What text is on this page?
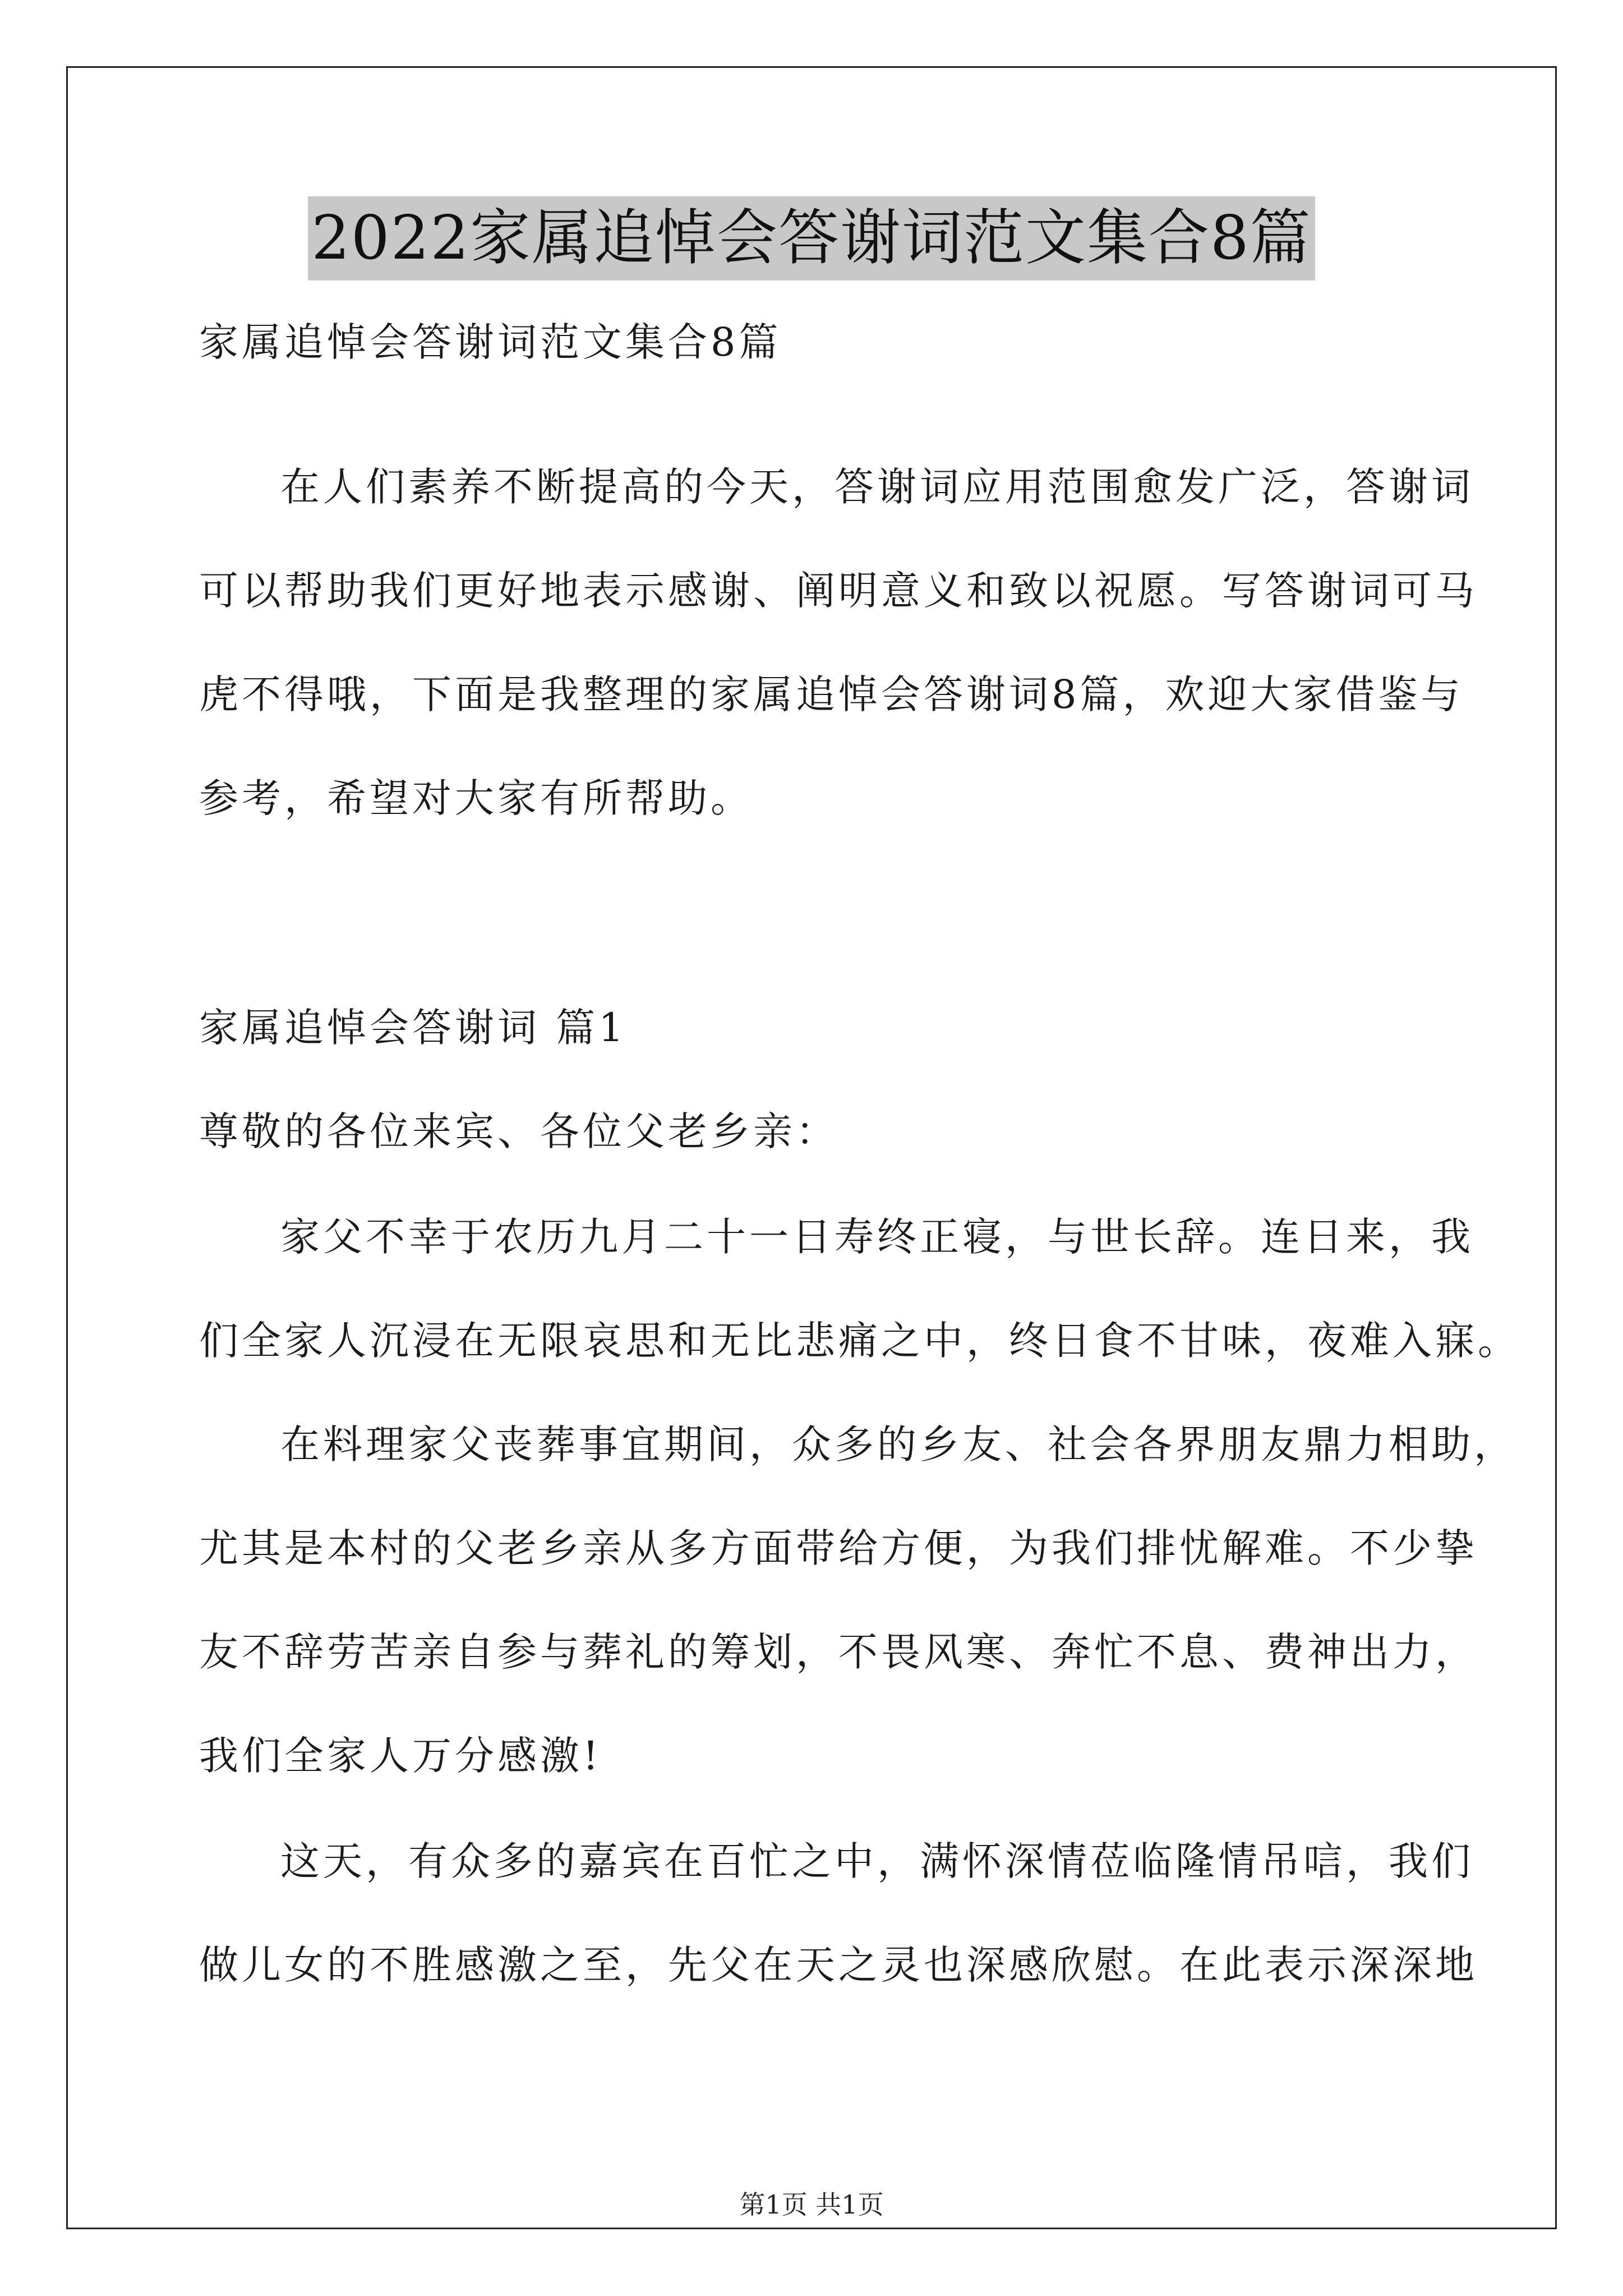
2022家属追悼会答谢词范文集合8篇
家属追悼会答谢词范文集合8篇
在人们素养不断提高的今天，答谢词应用范围愈发广泛，答谢词
可以帮助我们更好地表示感谢、阐明意义和致以祝愿。写答谢词可马
虎不得哦，下面是我整理的家属追悼会答谢词8篇，欢迎大家借鉴与
参考，希望对大家有所帮助。
家属追悼会答谢词 篇1
尊敬的各位来宾、各位父老乡亲：
家父不幸于农历九月二十一日寿终正寝，与世长辞。连日来，我
们全家人沉浸在无限哀思和无比悲痛之中，终日食不甘味，夜难入寐。
在料理家父丧葬事宜期间，众多的乡友、社会各界朋友鼎力相助，
尤其是本村的父老乡亲从多方面带给方便，为我们排忧解难。不少挚
友不辞劳苦亲自参与葬礼的筹划，不畏风寒、奔忙不息、费神出力，
我们全家人万分感激!
这天，有众多的嘉宾在百忙之中，满怀深情莅临隆情吊唁，我们
做儿女的不胜感激之至，先父在天之灵也深感欣慰。在此表示深深地
第1页 共1页
